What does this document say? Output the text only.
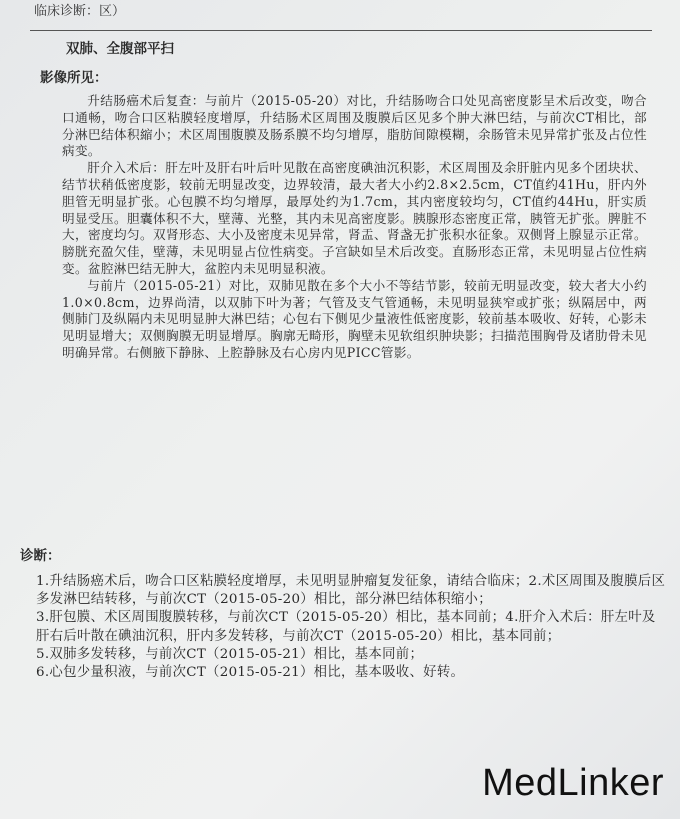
临床诊断：区）
双肺、全腹部平扫
影像所见：

升结肠癌术后复查：与前片（2015-05-20）对比，升结肠吻合口处见高密度影呈术后改变，吻合口通畅，吻合口区粘膜轻度增厚，升结肠术区周围及腹膜后区见多个肿大淋巴结，与前次CT相比，部分淋巴结体积縮小；术区周围腹膜及肠系膜不均匀增厚，脂肪间隙模糊，余肠管未见异常扩张及占位性病变。

肝介入术后：肝左叶及肝右叶后叶见散在高密度碘油沉积影，术区周围及余肝脏内见多个团块状、结节状稍低密度影，较前无明显改变，边界较清，最大者大小约2.8×2.5cm，CT值约41Hu，肝内外胆管无明显扩张。心包膜不均匀增厚，最厚处约为1.7cm，其内密度较均匀，CT值约44Hu，肝实质明显受压。胆囊体积不大，壁薄、光整，其内未见高密度影。胰腺形态密度正常，胰管无扩张。脾脏不大，密度均匀。双肾形态、大小及密度未见异常，肾盂、肾盏无扩张积水征象。双侧肾上腺显示正常。膀胱充盈欠佳，壁薄，未见明显占位性病变。子宫缺如呈术后改变。直肠形态正常，未见明显占位性病变。盆腔淋巴结无肿大，盆腔内未见明显积液。

与前片（2015-05-21）对比，双肺见散在多个大小不等结节影，较前无明显改变，较大者大小约1.0×0.8cm，边界尚清，以双肺下叶为著；气管及支气管通畅，未见明显狭窄或扩张；纵隔居中，两侧肺门及纵隔内未见明显肿大淋巴结；心包右下侧见少量液性低密度影，较前基本吸收、好转，心影未见明显增大；双侧胸膜无明显增厚。胸廓无畸形，胸壁未见软组织肿块影；扫描范围胸骨及诸肋骨未见明确异常。右侧腋下静脉、上腔静脉及右心房内见PICC管影。

诊断：

1.升结肠癌术后，吻合口区粘膜轻度增厚，未见明显肿瘤复发征象，请结合临床；2.术区周围及腹膜后区多发淋巴结转移，与前次CT（2015-05-20）相比，部分淋巴结体积缩小；

3.肝包膜、术区周围腹膜转移，与前次CT（2015-05-20）相比，基本同前；4.肝介入术后：肝左叶及肝右后叶散在碘油沉积，肝内多发转移，与前次CT（2015-05-20）相比，基本同前；

5.双肺多发转移，与前次CT（2015-05-21）相比，基本同前；

6.心包少量积液，与前次CT（2015-05-21）相比，基本吸收、好转。

MedLinker
